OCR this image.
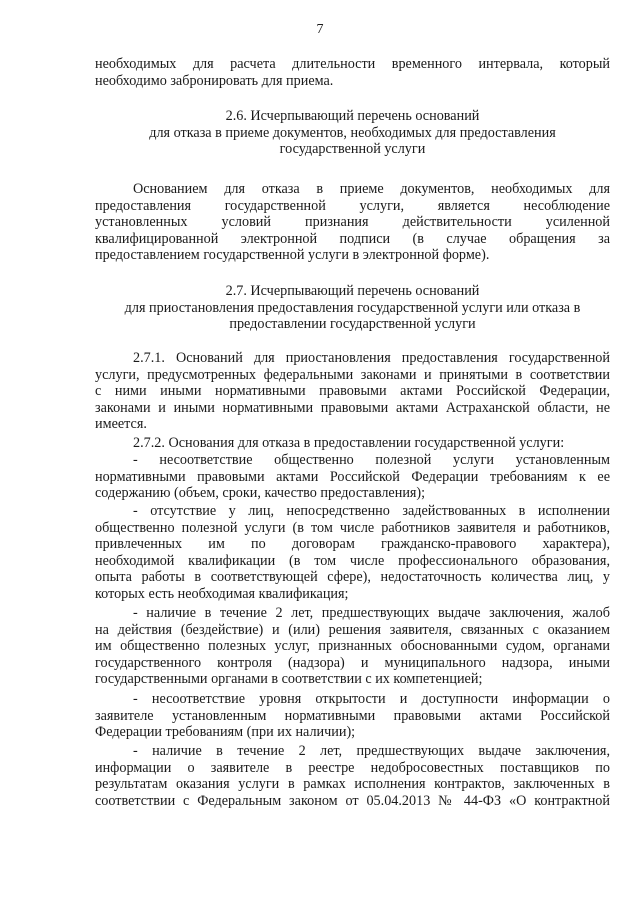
7

необходимых для расчета длительности временного интервала, который

необходимо забронировать для приема.

2.6. Исчерпывающий перечень оснований

для отказа в приеме документов, необходимых для предоставления

государственной услуги

Основанием для отказа в приеме документов, необходимых для

предоставления государственной услуги, является несоблюдение

установленных условий признания действительности усиленной

квалифицированной электронной подписи (в случае обращения за

предоставлением государственной услуги в электронной форме).

2.7. Исчерпывающий перечень оснований

для приостановления предоставления государственной услуги или отказа в

предоставлении государственной услуги

2.7.1. Оснований для приостановления предоставления государственной

услуги, предусмотренных федеральными законами и принятыми в соответствии

с ними иными нормативными правовыми актами Российской Федерации,

законами и иными нормативными правовыми актами Астраханской области, не

имеется.

2.7.2. Основания для отказа в предоставлении государственной услуги:

- несоответствие общественно полезной услуги установленным

нормативными правовыми актами Российской Федерации требованиям к ее

содержанию (объем, сроки, качество предоставления);

- отсутствие у лиц, непосредственно задействованных в исполнении

общественно полезной услуги (в том числе работников заявителя и работников,

привлеченных им по договорам гражданско-правового характера),

необходимой квалификации (в том числе профессионального образования,

опыта работы в соответствующей сфере), недостаточность количества лиц, у

которых есть необходимая квалификация;

- наличие в течение 2 лет, предшествующих выдаче заключения, жалоб

на действия (бездействие) и (или) решения заявителя, связанных с оказанием

им общественно полезных услуг, признанных обоснованными судом, органами

государственного контроля (надзора) и муниципального надзора, иными

государственными органами в соответствии с их компетенцией;

- несоответствие уровня открытости и доступности информации о

заявителе установленным нормативными правовыми актами Российской

Федерации требованиям (при их наличии);

- наличие в течение 2 лет, предшествующих выдаче заключения,

информации о заявителе в реестре недобросовестных поставщиков по

результатам оказания услуги в рамках исполнения контрактов, заключенных в

соответствии с Федеральным законом от 05.04.2013 № 44-ФЗ «О контрактной
